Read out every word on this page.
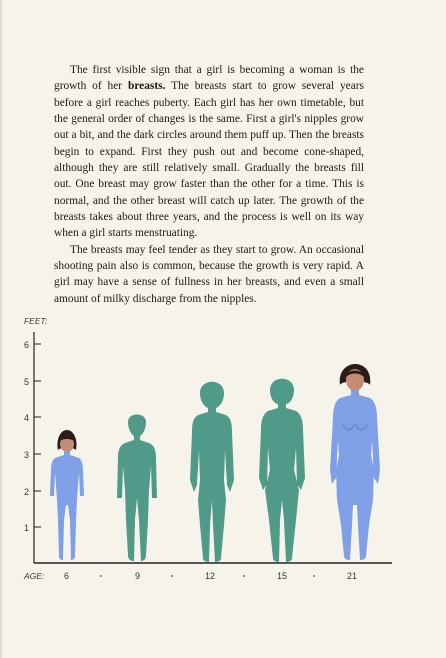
The first visible sign that a girl is becoming a woman is the growth of her breasts. The breasts start to grow several years before a girl reaches puberty. Each girl has her own timetable, but the general order of changes is the same. First a girl's nipples grow out a bit, and the dark circles around them puff up. Then the breasts begin to expand. First they push out and become cone-shaped, although they are still relatively small. Gradually the breasts fill out. One breast may grow faster than the other for a time. This is normal, and the other breast will catch up later. The growth of the breasts takes about three years, and the process is well on its way when a girl starts menstruating.

The breasts may feel tender as they start to grow. An occasional shooting pain also is common, because the growth is very rapid. A girl may have a sense of fullness in her breasts, and even a small amount of milky discharge from the nipples.

FEET:
AGE:
6
5
4
3
2
1
6	9	12	15	21
